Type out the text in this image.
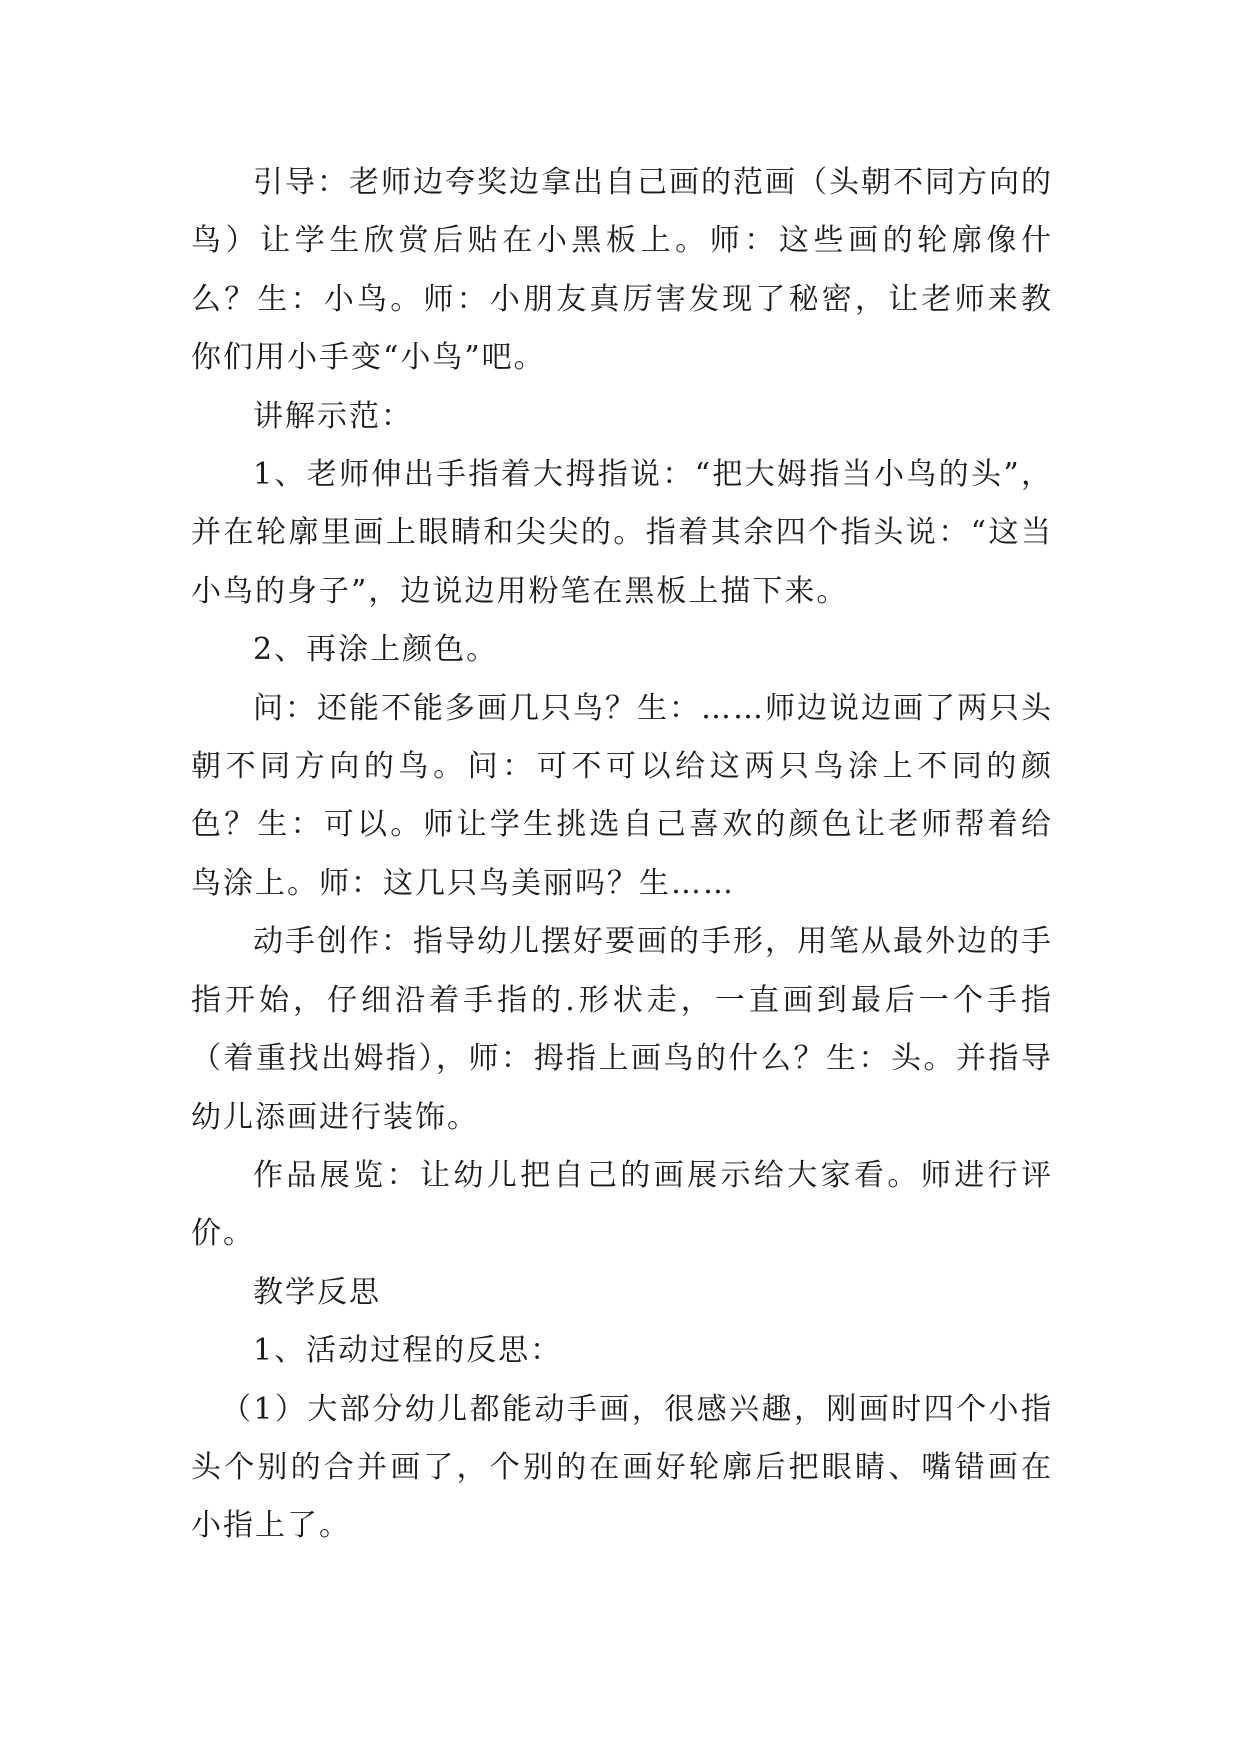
引导：老师边夸奖边拿出自己画的范画（头朝不同方向的鸟）让学生欣赏后贴在小黑板上。师：这些画的轮廓像什么？生：小鸟。师：小朋友真厉害发现了秘密，让老师来教你们用小手变“小鸟”吧。

讲解示范：

1、老师伸出手指着大拇指说：“把大姆指当小鸟的头”，并在轮廓里画上眼睛和尖尖的。指着其余四个指头说：“这当小鸟的身子”，边说边用粉笔在黑板上描下来。

2、再涂上颜色。

问：还能不能多画几只鸟？生：……师边说边画了两只头朝不同方向的鸟。问：可不可以给这两只鸟涂上不同的颜色？生：可以。师让学生挑选自己喜欢的颜色让老师帮着给鸟涂上。师：这几只鸟美丽吗？生……

动手创作：指导幼儿摆好要画的手形，用笔从最外边的手指开始，仔细沿着手指的.形状走，一直画到最后一个手指（着重找出姆指），师：拇指上画鸟的什么？生：头。并指导幼儿添画进行装饰。

作品展览：让幼儿把自己的画展示给大家看。师进行评价。

教学反思

1、活动过程的反思：

（1）大部分幼儿都能动手画，很感兴趣，刚画时四个小指头个别的合并画了，个别的在画好轮廓后把眼睛、嘴错画在小指上了。
